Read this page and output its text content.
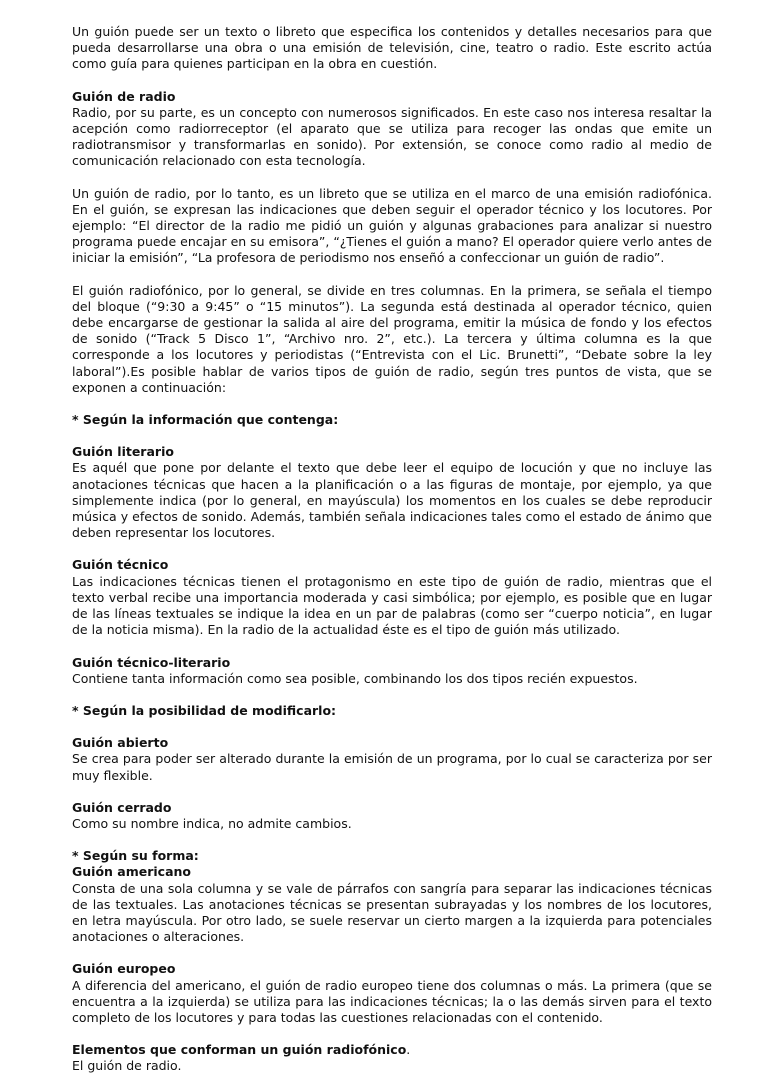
Un guión puede ser un texto o libreto que especifica los contenidos y detalles necesarios para que pueda desarrollarse una obra o una emisión de televisión, cine, teatro o radio. Este escrito actúa como guía para quienes participan en la obra en cuestión.

Guión de radio
Radio, por su parte, es un concepto con numerosos significados. En este caso nos interesa resaltar la acepción como radiorreceptor (el aparato que se utiliza para recoger las ondas que emite un radiotransmisor y transformarlas en sonido). Por extensión, se conoce como radio al medio de comunicación relacionado con esta tecnología.

Un guión de radio, por lo tanto, es un libreto que se utiliza en el marco de una emisión radiofónica. En el guión, se expresan las indicaciones que deben seguir el operador técnico y los locutores. Por ejemplo: “El director de la radio me pidió un guión y algunas grabaciones para analizar si nuestro programa puede encajar en su emisora”, “¿Tienes el guión a mano? El operador quiere verlo antes de iniciar la emisión”, “La profesora de periodismo nos enseñó a confeccionar un guión de radio”.

El guión radiofónico, por lo general, se divide en tres columnas. En la primera, se señala el tiempo del bloque (“9:30 a 9:45” o “15 minutos”). La segunda está destinada al operador técnico, quien debe encargarse de gestionar la salida al aire del programa, emitir la música de fondo y los efectos de sonido (“Track 5 Disco 1”, “Archivo nro. 2”, etc.). La tercera y última columna es la que corresponde a los locutores y periodistas (“Entrevista con el Lic. Brunetti”, “Debate sobre la ley laboral”).Es posible hablar de varios tipos de guión de radio, según tres puntos de vista, que se exponen a continuación:

* Según la información que contenga:

Guión literario
Es aquél que pone por delante el texto que debe leer el equipo de locución y que no incluye las anotaciones técnicas que hacen a la planificación o a las figuras de montaje, por ejemplo, ya que simplemente indica (por lo general, en mayúscula) los momentos en los cuales se debe reproducir música y efectos de sonido. Además, también señala indicaciones tales como el estado de ánimo que deben representar los locutores.

Guión técnico
Las indicaciones técnicas tienen el protagonismo en este tipo de guión de radio, mientras que el texto verbal recibe una importancia moderada y casi simbólica; por ejemplo, es posible que en lugar de las líneas textuales se indique la idea en un par de palabras (como ser “cuerpo noticia”, en lugar de la noticia misma). En la radio de la actualidad éste es el tipo de guión más utilizado.

Guión técnico-literario
Contiene tanta información como sea posible, combinando los dos tipos recién expuestos.

* Según la posibilidad de modificarlo:

Guión abierto
Se crea para poder ser alterado durante la emisión de un programa, por lo cual se caracteriza por ser muy flexible.

Guión cerrado
Como su nombre indica, no admite cambios.

* Según su forma:
Guión americano
Consta de una sola columna y se vale de párrafos con sangría para separar las indicaciones técnicas de las textuales. Las anotaciones técnicas se presentan subrayadas y los nombres de los locutores, en letra mayúscula. Por otro lado, se suele reservar un cierto margen a la izquierda para potenciales anotaciones o alteraciones.

Guión europeo
A diferencia del americano, el guión de radio europeo tiene dos columnas o más. La primera (que se encuentra a la izquierda) se utiliza para las indicaciones técnicas; la o las demás sirven para el texto completo de los locutores y para todas las cuestiones relacionadas con el contenido.

Elementos que conforman un guión radiofónico.
El guión de radio.
